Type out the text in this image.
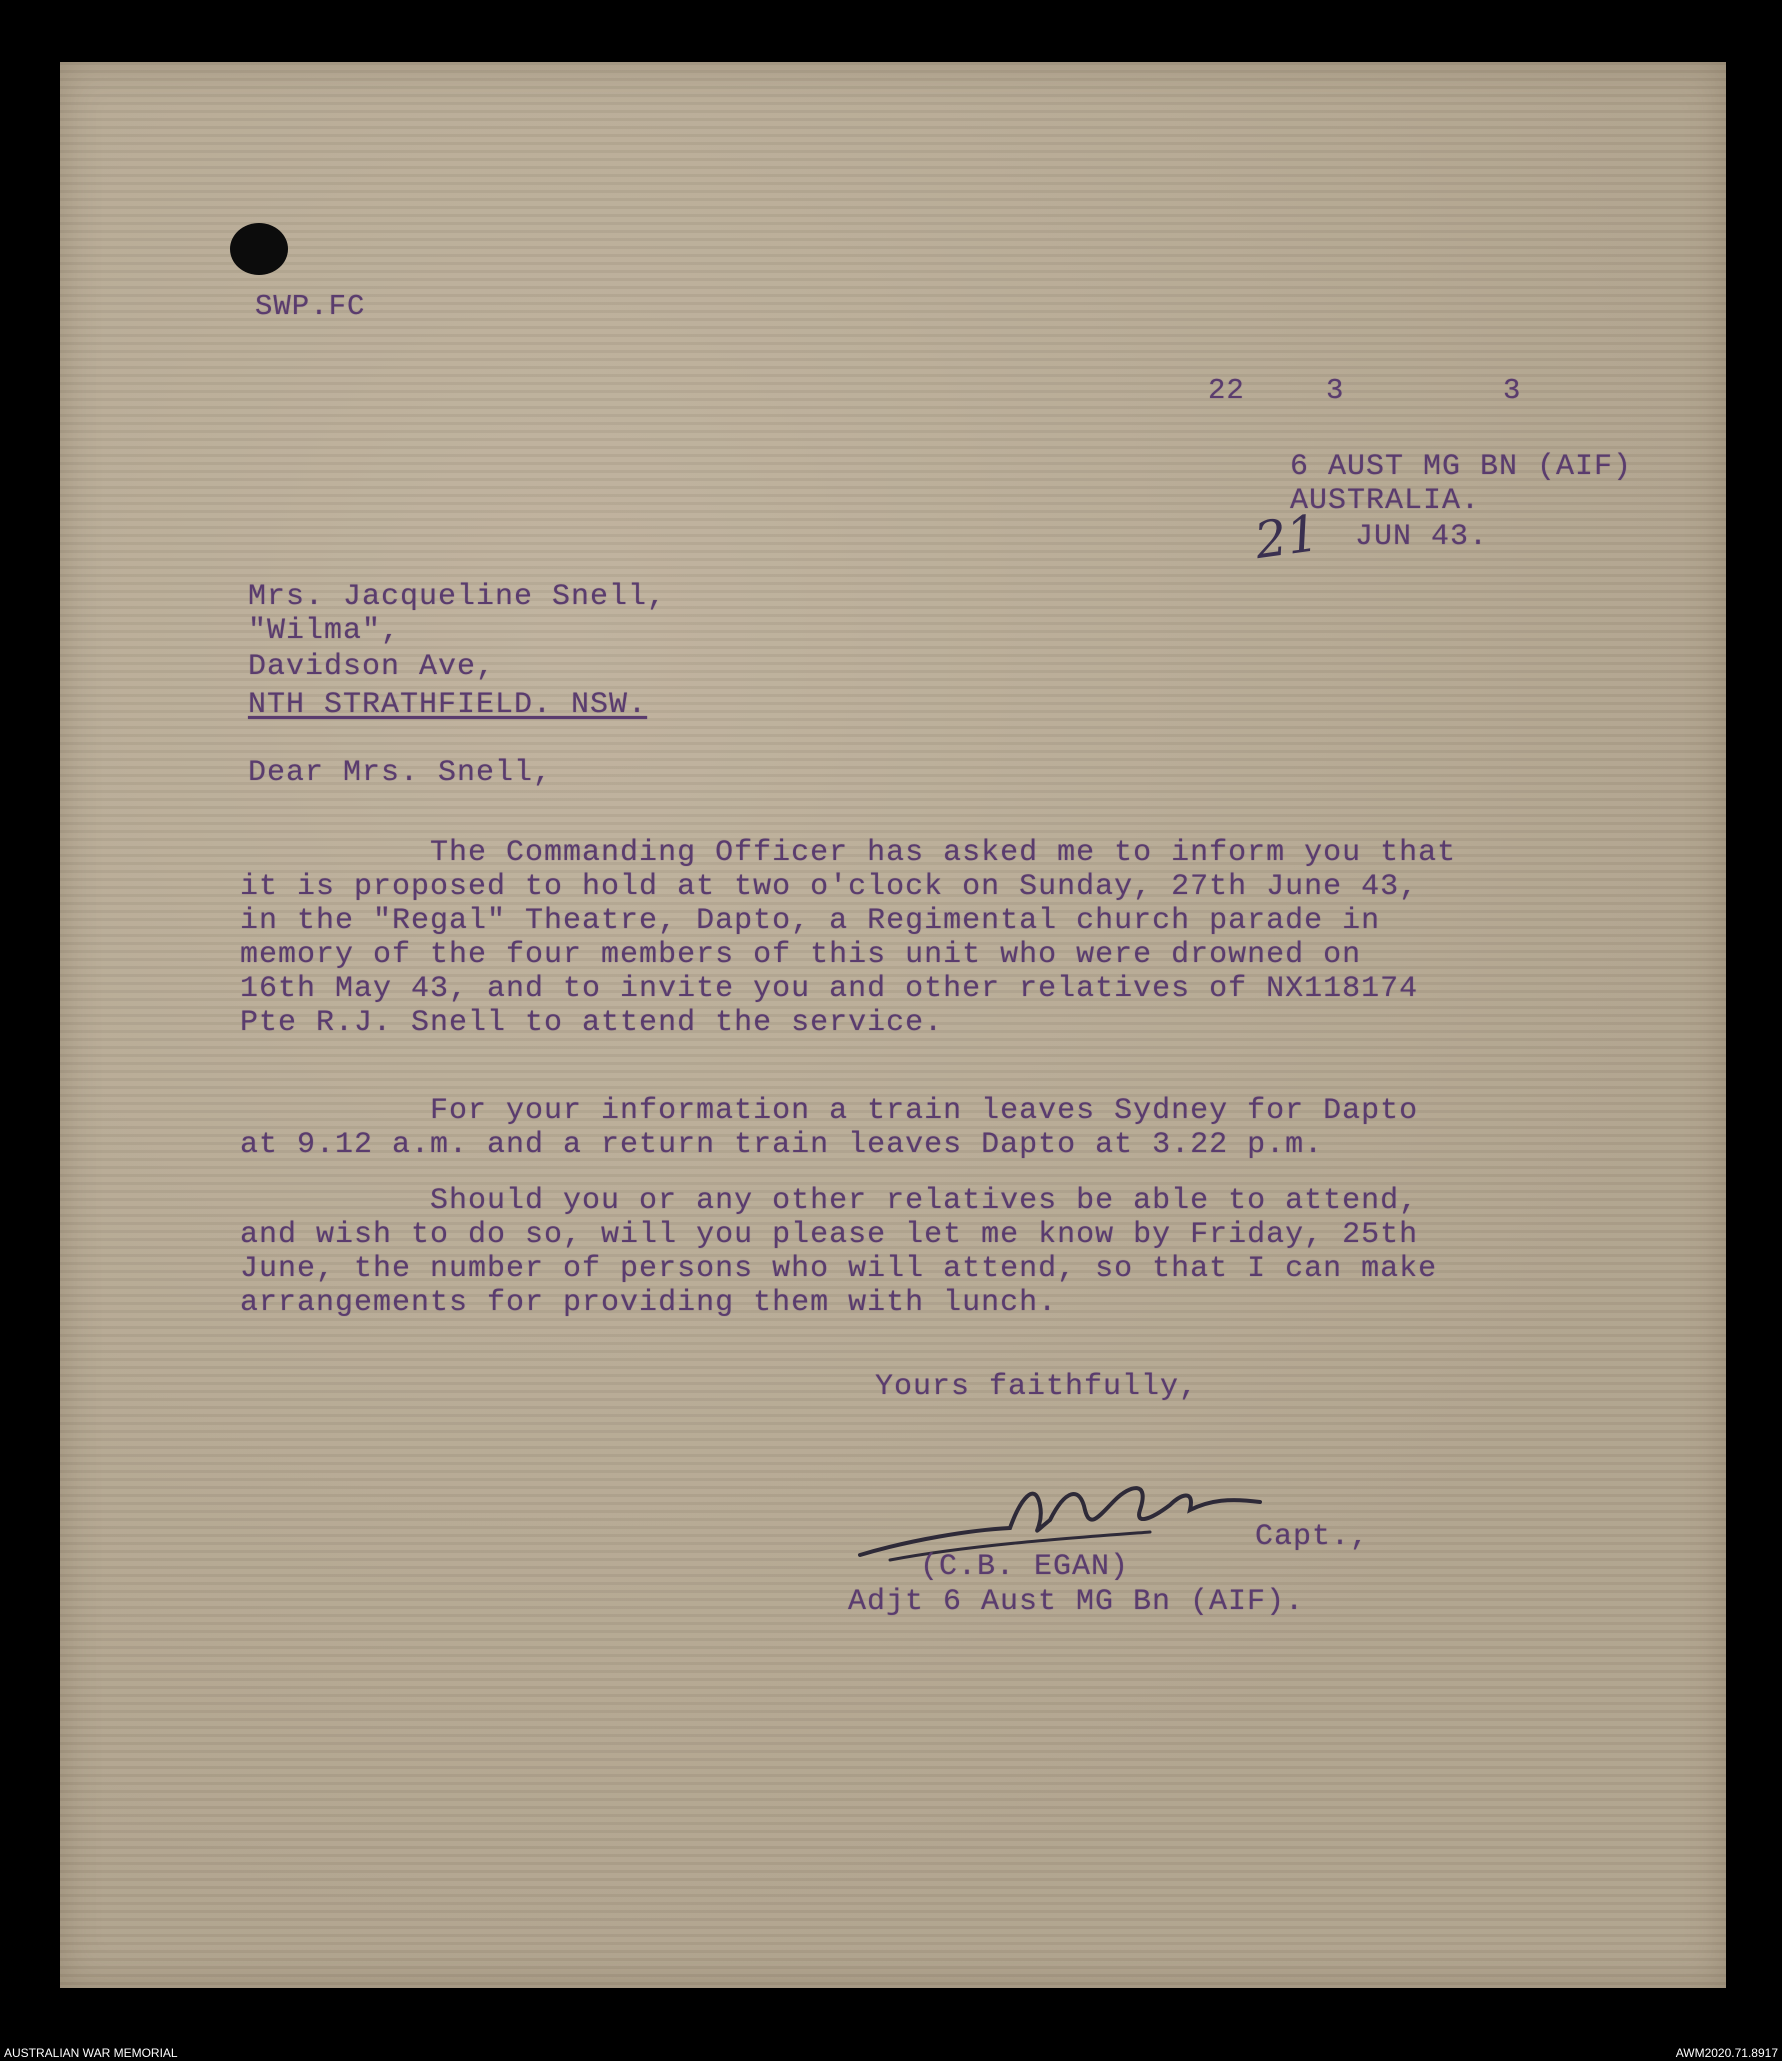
SWP.FC
22	3	3
6 AUST MG BN (AIF)
AUSTRALIA.
21 JUN 43.
Mrs. Jacqueline Snell,
"Wilma",
Davidson Ave,
NTH STRATHFIELD. NSW.
Dear Mrs. Snell,
The Commanding Officer has asked me to inform you that
it is proposed to hold at two o'clock on Sunday, 27th June 43,
in the "Regal" Theatre, Dapto, a Regimental church parade in
memory of the four members of this unit who were drowned on
16th May 43, and to invite you and other relatives of NX118174
Pte R.J. Snell to attend the service.
For your information a train leaves Sydney for Dapto
at 9.12 a.m. and a return train leaves Dapto at 3.22 p.m.
Should you or any other relatives be able to attend,
and wish to do so, will you please let me know by Friday, 25th
June, the number of persons who will attend, so that I can make
arrangements for providing them with lunch.
Yours faithfully,
Capt.,
(C.B. EGAN)
Adjt 6 Aust MG Bn (AIF).
AUSTRALIAN WAR MEMORIAL	AWM2020.71.8917
